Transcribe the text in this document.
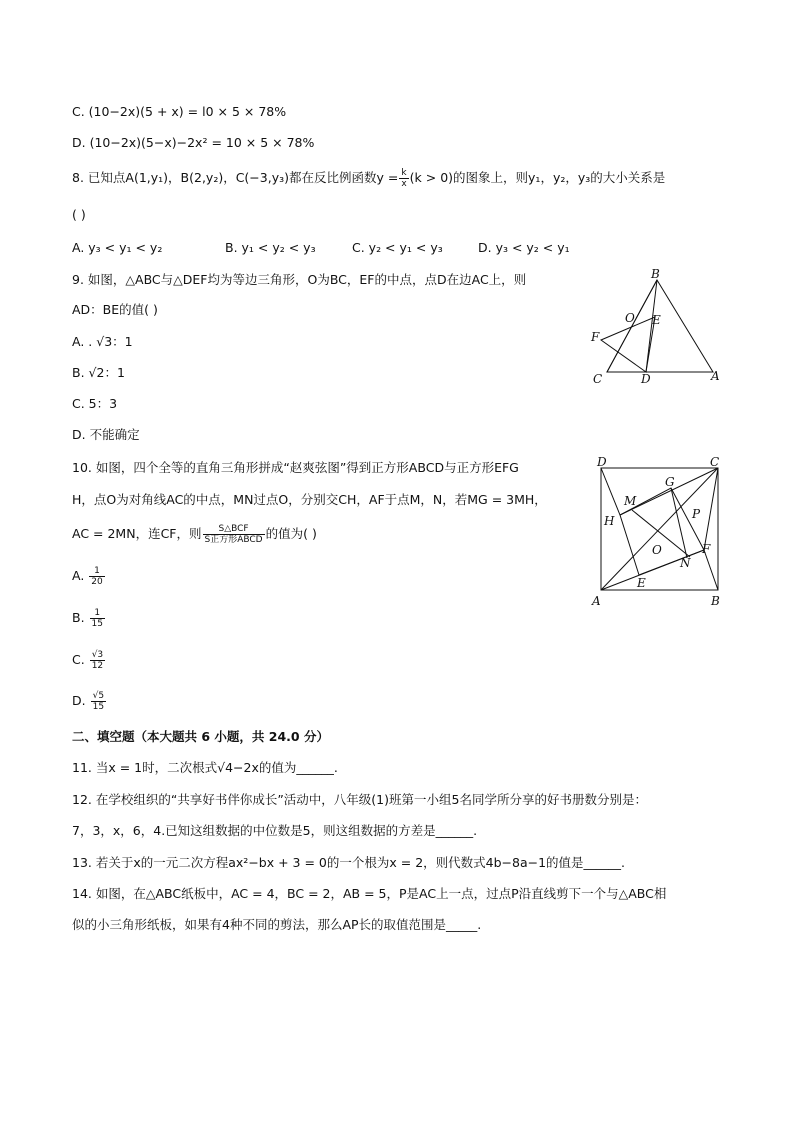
C. (10−2x)(5 + x) = l0 × 5 × 78%
D. (10−2x)(5−x)−2x² = 10 × 5 × 78%
8. 已知点A(1,y₁)，B(2,y₂)，C(−3,y₃)都在反比例函数$y = \frac{k}{x} (k > 0)$的图象上，则y₁，y₂，y₃的大小关系是
( )
A. y₃ < y₁ < y₂	B. y₁ < y₂ < y₃	C. y₂ < y₁ < y₃	D. y₃ < y₂ < y₁
9. 如图，△ABC与△DEF均为等边三角形，O为BC，EF的中点，点D在边AC上，则
AD：BE的值( )
A. . √3：1
B. √2：1
C. 5：3
D. 不能确定
B
O E
F
C	D	A
10. 如图，四个全等的直角三角形拼成“赵爽弦图”得到正方形ABCD与正方形EFG
H，点O为对角线AC的中点，MN过点O，分别交CH，AF于点M，N，若MG = 3MH，
AC = 2MN，连CF，则 $\frac{\text{S△BCF}}{\text{S正方形ABCD}}$ 的值为( )
A. $\frac{1}{20}$
B. $\frac{1}{15}$
C. $\frac{√3}{12}$
D. $\frac{√5}{15}$
D	C
G
M
P
H
F
O
N
E
A	B
二、填空题（本大题共 6 小题，共 24.0 分）
11. 当x = 1时，二次根式√4−2x的值为______.
12. 在学校组织的“共享好书伴你成长”活动中，八年级(1)班第一小组5名同学所分享的好书册数分别是：
7，3，x，6，4.已知这组数据的中位数是5，则这组数据的方差是______.
13. 若关于x的一元二次方程ax²−bx + 3 = 0的一个根为x = 2，则代数式4b−8a−1的值是______.
14. 如图，在△ABC纸板中，AC = 4，BC = 2，AB = 5，P是AC上一点，过点P沿直线剪下一个与△ABC相
似的小三角形纸板，如果有4种不同的剪法，那么AP长的取值范围是_____.
